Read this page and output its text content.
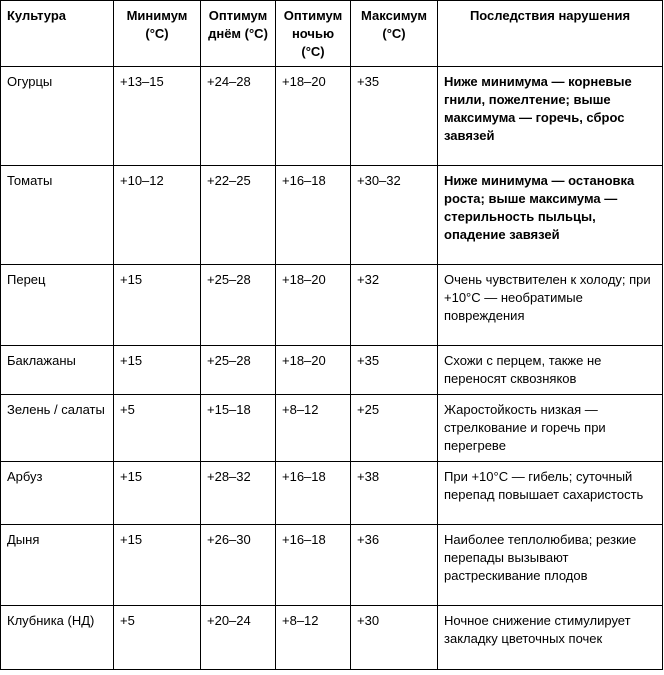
Культура	Минимум (°С)	Оптимум днём (°С)	Оптимум ночью (°С)	Максимум (°С)	Последствия нарушения
Огурцы	+13–15	+24–28	+18–20	+35	Ниже минимума — корневые гнили, пожелтение; выше максимума — горечь, сброс завязей
Томаты	+10–12	+22–25	+16–18	+30–32	Ниже минимума — остановка роста; выше максимума — стерильность пыльцы, опадение завязей
Перец	+15	+25–28	+18–20	+32	Очень чувствителен к холоду; при +10°С — необратимые повреждения
Баклажаны	+15	+25–28	+18–20	+35	Схожи с перцем, также не переносят сквозняков
Зелень / салаты	+5	+15–18	+8–12	+25	Жаростойкость низкая — стрелкование и горечь при перегреве
Арбуз	+15	+28–32	+16–18	+38	При +10°С — гибель; суточный перепад повышает сахаристость
Дыня	+15	+26–30	+16–18	+36	Наиболее теплолюбива; резкие перепады вызывают растрескивание плодов
Клубника (НД)	+5	+20–24	+8–12	+30	Ночное снижение стимулирует закладку цветочных почек
